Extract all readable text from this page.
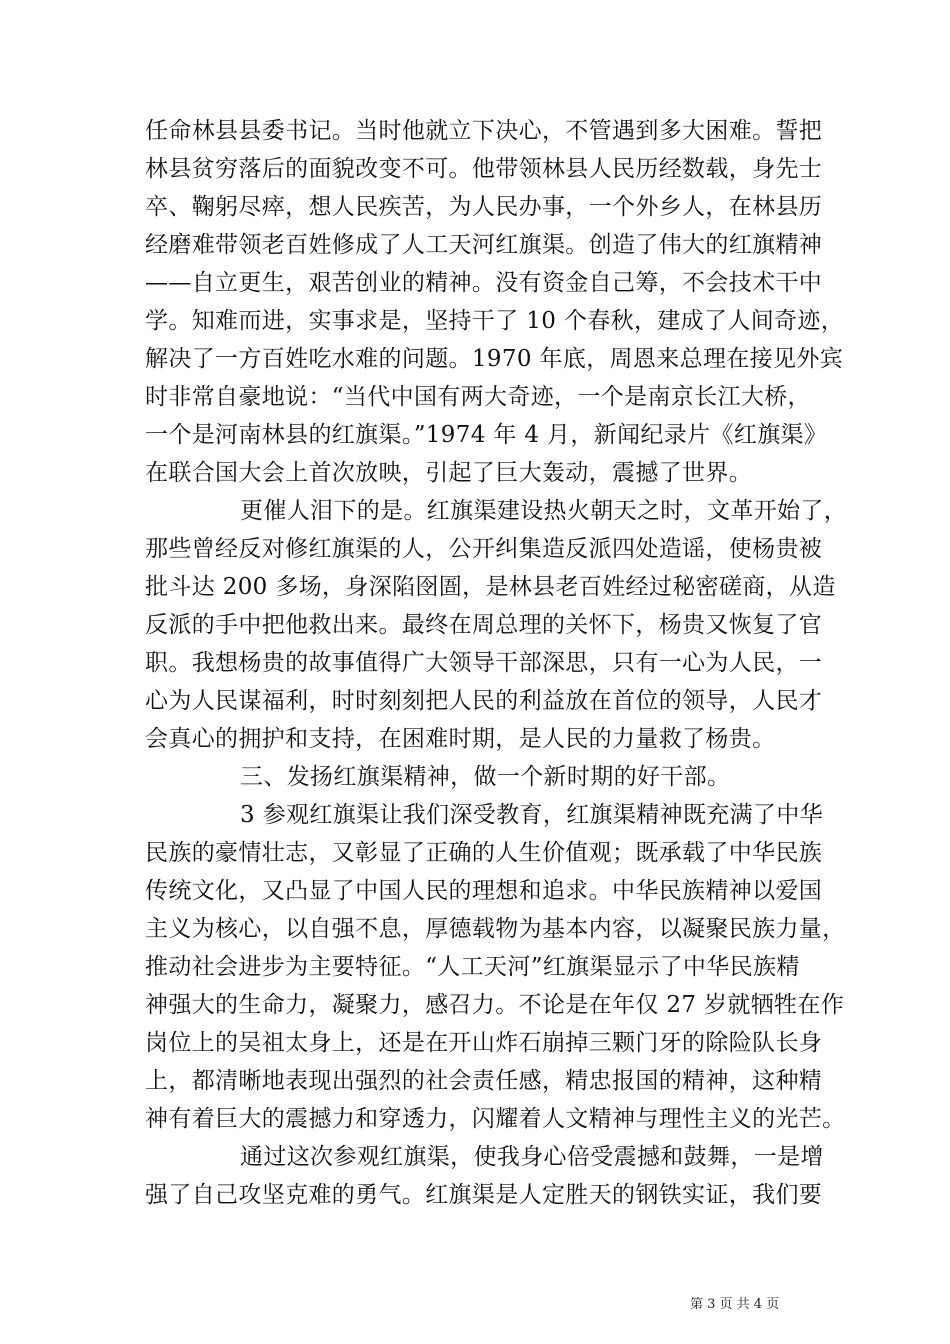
任命林县县委书记。当时他就立下决心，不管遇到多大困难。誓把
林县贫穷落后的面貌改变不可。他带领林县人民历经数载，身先士
卒、鞠躬尽瘁，想人民疾苦，为人民办事，一个外乡人，在林县历
经磨难带领老百姓修成了人工天河红旗渠。创造了伟大的红旗精神
——自立更生，艰苦创业的精神。没有资金自己筹，不会技术干中
学。知难而进，实事求是，坚持干了 10 个春秋，建成了人间奇迹，
解决了一方百姓吃水难的问题。1970 年底，周恩来总理在接见外宾
时非常自豪地说：“当代中国有两大奇迹，一个是南京长江大桥，
一个是河南林县的红旗渠。”1974 年 4 月，新闻纪录片《红旗渠》
在联合国大会上首次放映，引起了巨大轰动，震撼了世界。
更催人泪下的是。红旗渠建设热火朝天之时，文革开始了，
那些曾经反对修红旗渠的人，公开纠集造反派四处造谣，使杨贵被
批斗达 200 多场，身深陷囹圄，是林县老百姓经过秘密磋商，从造
反派的手中把他救出来。最终在周总理的关怀下，杨贵又恢复了官
职。我想杨贵的故事值得广大领导干部深思，只有一心为人民，一
心为人民谋福利，时时刻刻把人民的利益放在首位的领导，人民才
会真心的拥护和支持，在困难时期，是人民的力量救了杨贵。
三、发扬红旗渠精神，做一个新时期的好干部。
3 参观红旗渠让我们深受教育，红旗渠精神既充满了中华
民族的豪情壮志，又彰显了正确的人生价值观；既承载了中华民族
传统文化，又凸显了中国人民的理想和追求。中华民族精神以爱国
主义为核心，以自强不息，厚德载物为基本内容，以凝聚民族力量，
推动社会进步为主要特征。“人工天河”红旗渠显示了中华民族精
神强大的生命力，凝聚力，感召力。不论是在年仅 27 岁就牺牲在作
岗位上的吴祖太身上，还是在开山炸石崩掉三颗门牙的除险队长身
上，都清晰地表现出强烈的社会责任感，精忠报国的精神，这种精
神有着巨大的震撼力和穿透力，闪耀着人文精神与理性主义的光芒。
通过这次参观红旗渠，使我身心倍受震撼和鼓舞，一是增
强了自己攻坚克难的勇气。红旗渠是人定胜天的钢铁实证，我们要
第 3 页 共 4 页
